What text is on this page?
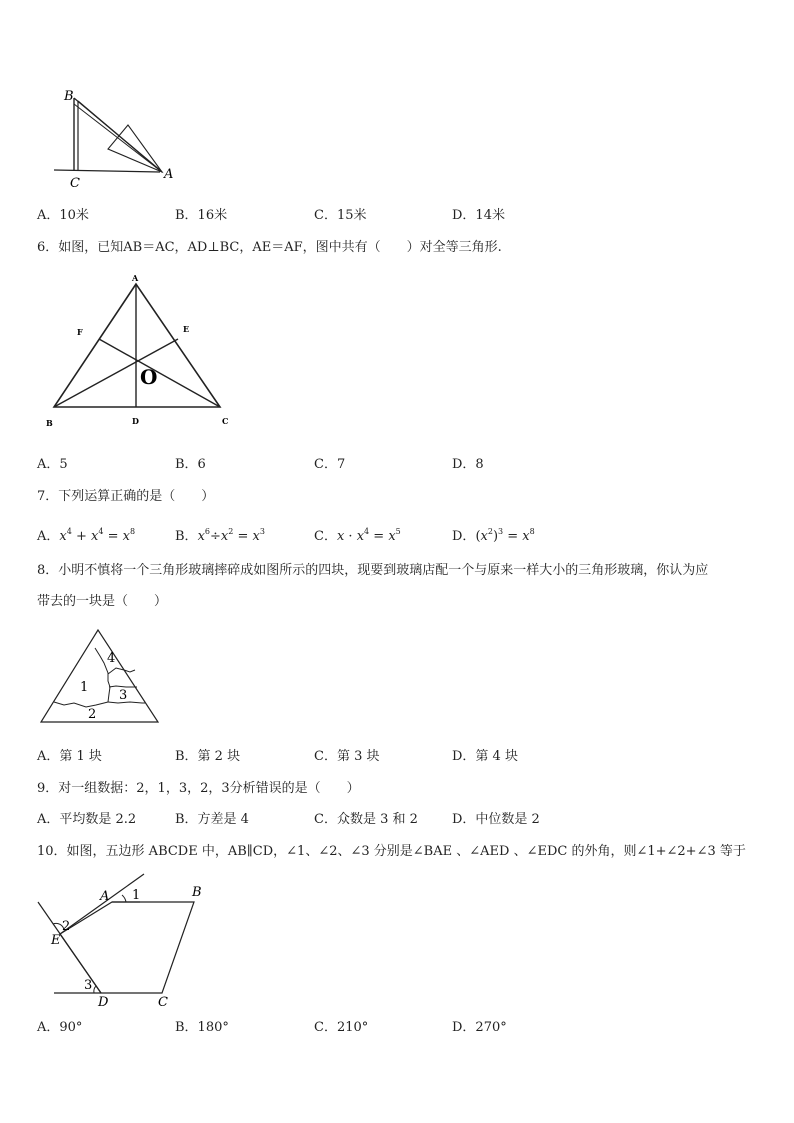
B
C
A
A．10米	B．16米	C．15米	D．14米
6．如图，已知AB＝AC，AD⊥BC，AE＝AF，图中共有（　　）对全等三角形.
A
F	E
O
B	D	C
A．5	B．6	C．7	D．8
7．下列运算正确的是（　　）
A．$x^4 + x^4 = x^8$	B．$x^6\div x^2 = x^3$	C．$x \cdot x^4 = x^5$	D．$(x^2)^3 = x^8$
8．小明不慎将一个三角形玻璃摔碎成如图所示的四块，现要到玻璃店配一个与原来一样大小的三角形玻璃，你认为应
带去的一块是（　　）
1
2
3
4
A．第 1 块	B．第 2 块	C．第 3 块	D．第 4 块
9．对一组数据：2，1，3，2，3分析错误的是（　　）
A．平均数是 2.2	B．方差是 4	C．众数是 3 和 2	D．中位数是 2
10．如图，五边形 ABCDE 中，AB∥CD，∠1、∠2、∠3 分别是∠BAE 、∠AED 、∠EDC 的外角，则∠1+∠2+∠3 等于
A 1	B
2
E
3
D	C
A．90°	B．180°	C．210°	D．270°
